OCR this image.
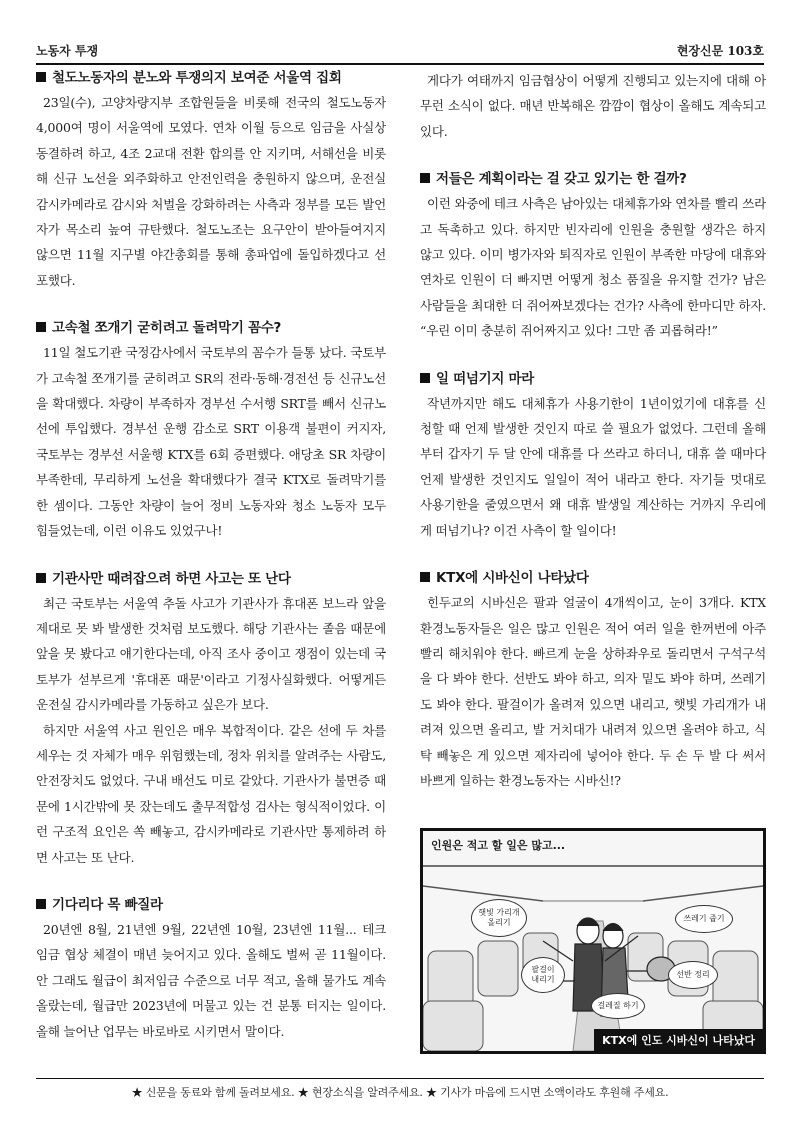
노동자 투쟁	현장신문 103호
철도노동자의 분노와 투쟁의지 보여준 서울역 집회

23일(수), 고양차량지부 조합원들을 비롯해 전국의 철도노동자 4,000여 명이 서울역에 모였다. 연차 이월 등으로 임금을 사실상 동결하려 하고, 4조 2교대 전환 합의를 안 지키며, 서해선을 비롯해 신규 노선을 외주화하고 안전인력을 충원하지 않으며, 운전실 감시카메라로 감시와 처벌을 강화하려는 사측과 정부를 모든 발언자가 목소리 높여 규탄했다. 철도노조는 요구안이 받아들여지지 않으면 11월 지구별 야간총회를 통해 총파업에 돌입하겠다고 선포했다.

고속철 쪼개기 굳히려고 돌려막기 꼼수?

11일 철도기관 국정감사에서 국토부의 꼼수가 들통 났다. 국토부가 고속철 쪼개기를 굳히려고 SR의 전라·동해·경전선 등 신규노선을 확대했다. 차량이 부족하자 경부선 수서행 SRT를 빼서 신규노선에 투입했다. 경부선 운행 감소로 SRT 이용객 불편이 커지자, 국토부는 경부선 서울행 KTX를 6회 증편했다. 애당초 SR 차량이 부족한데, 무리하게 노선을 확대했다가 결국 KTX로 돌려막기를 한 셈이다. 그동안 차량이 늘어 정비 노동자와 청소 노동자 모두 힘들었는데, 이런 이유도 있었구나!

기관사만 때려잡으려 하면 사고는 또 난다

최근 국토부는 서울역 추돌 사고가 기관사가 휴대폰 보느라 앞을 제대로 못 봐 발생한 것처럼 보도했다. 해당 기관사는 졸음 때문에 앞을 못 봤다고 얘기한다는데, 아직 조사 중이고 쟁점이 있는데 국토부가 섣부르게 '휴대폰 때문'이라고 기정사실화했다. 어떻게든 운전실 감시카메라를 가동하고 싶은가 보다.

하지만 서울역 사고 원인은 매우 복합적이다. 같은 선에 두 차를 세우는 것 자체가 매우 위험했는데, 정차 위치를 알려주는 사람도, 안전장치도 없었다. 구내 배선도 미로 같았다. 기관사가 불면증 때문에 1시간밖에 못 잤는데도 출무적합성 검사는 형식적이었다. 이런 구조적 요인은 쏙 빼놓고, 감시카메라로 기관사만 통제하려 하면 사고는 또 난다.

기다리다 목 빠질라

20년엔 8월, 21년엔 9월, 22년엔 10월, 23년엔 11월... 테크 임금 협상 체결이 매년 늦어지고 있다. 올해도 벌써 곧 11월이다. 안 그래도 월급이 최저임금 수준으로 너무 적고, 올해 물가도 계속 올랐는데, 월급만 2023년에 머물고 있는 건 분통 터지는 일이다. 올해 늘어난 업무는 바로바로 시키면서 말이다.

게다가 여태까지 임금협상이 어떻게 진행되고 있는지에 대해 아무런 소식이 없다. 매년 반복해온 깜깜이 협상이 올해도 계속되고 있다.

저들은 계획이라는 걸 갖고 있기는 한 걸까?

이런 와중에 테크 사측은 남아있는 대체휴가와 연차를 빨리 쓰라고 독촉하고 있다. 하지만 빈자리에 인원을 충원할 생각은 하지 않고 있다. 이미 병가자와 퇴직자로 인원이 부족한 마당에 대휴와 연차로 인원이 더 빠지면 어떻게 청소 품질을 유지할 건가? 남은 사람들을 최대한 더 쥐어짜보겠다는 건가? 사측에 한마디만 하자. “우린 이미 충분히 쥐어짜지고 있다! 그만 좀 괴롭혀라!”

일 떠넘기지 마라

작년까지만 해도 대체휴가 사용기한이 1년이었기에 대휴를 신청할 때 언제 발생한 것인지 따로 쓸 필요가 없었다. 그런데 올해부터 갑자기 두 달 안에 대휴를 다 쓰라고 하더니, 대휴 쓸 때마다 언제 발생한 것인지도 일일이 적어 내라고 한다. 자기들 멋대로 사용기한을 줄였으면서 왜 대휴 발생일 계산하는 거까지 우리에게 떠넘기나? 이건 사측이 할 일이다!

KTX에 시바신이 나타났다

힌두교의 시바신은 팔과 얼굴이 4개씩이고, 눈이 3개다. KTX 환경노동자들은 일은 많고 인원은 적어 여러 일을 한꺼번에 아주 빨리 해치워야 한다. 빠르게 눈을 상하좌우로 돌리면서 구석구석을 다 봐야 한다. 선반도 봐야 하고, 의자 밑도 봐야 하며, 쓰레기도 봐야 한다. 팔걸이가 올려져 있으면 내리고, 햇빛 가리개가 내려져 있으면 올리고, 발 거치대가 내려져 있으면 올려야 하고, 식탁 빼놓은 게 있으면 제자리에 넣어야 한다. 두 손 두 발 다 써서 바쁘게 일하는 환경노동자는 시바신!?

인원은 적고 할 일은 많고...
햇빛 가리개
올리기	쓰레기 줍기
팔걸이
내리기
선반 정리
걸레질 하기
KTX에 인도 시바신이 나타났다
★ 신문을 동료와 함께 돌려보세요. ★ 현장소식을 알려주세요. ★ 기사가 마음에 드시면 소액이라도 후원해 주세요.
